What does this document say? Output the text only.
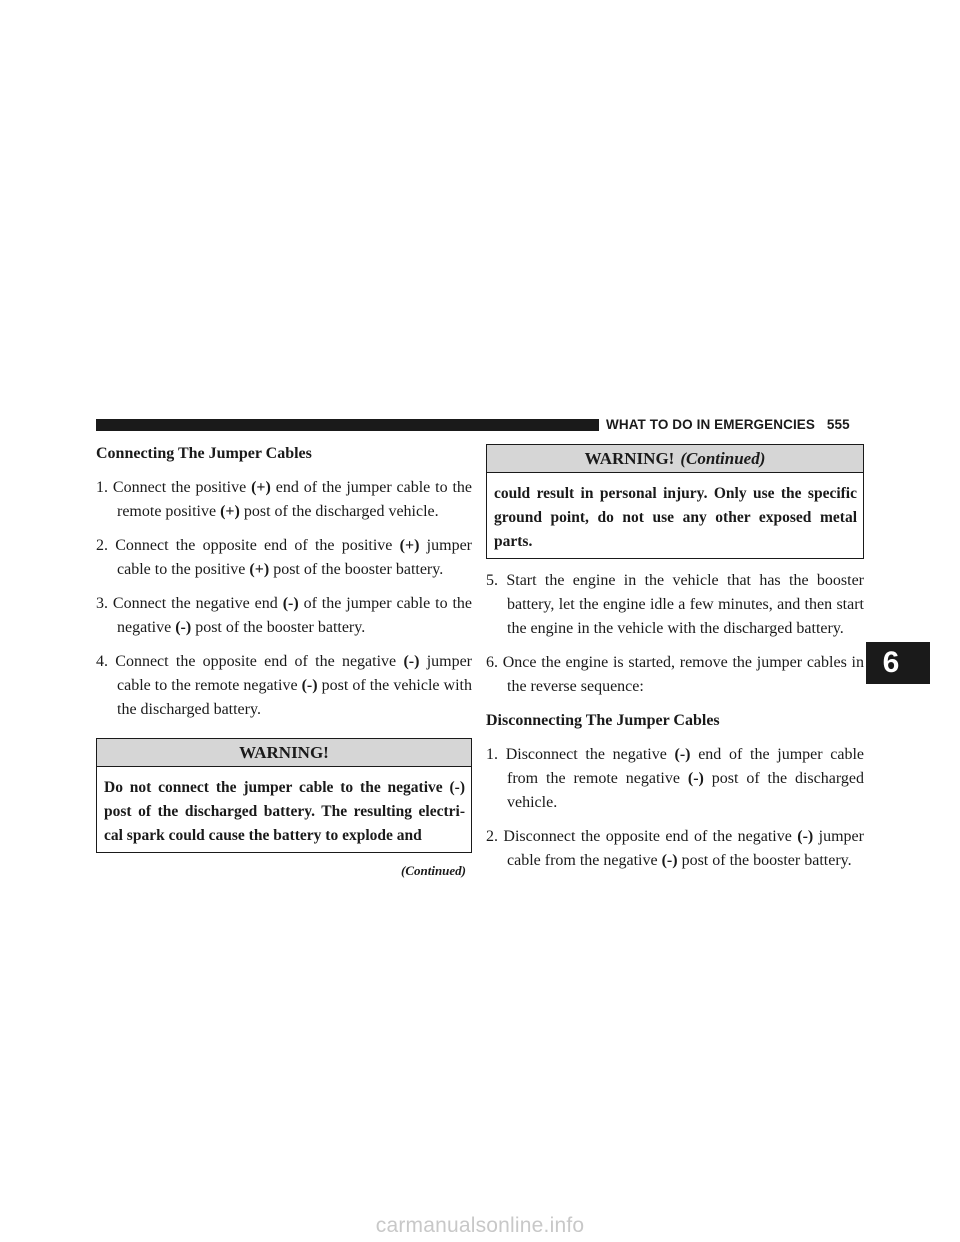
WHAT TO DO IN EMERGENCIES 555
Connecting The Jumper Cables
1. Connect the positive (+) end of the jumper cable to the remote positive (+) post of the discharged vehicle.
2. Connect the opposite end of the positive (+) jumper cable to the positive (+) post of the booster battery.
3. Connect the negative end (-) of the jumper cable to the negative (-) post of the booster battery.
4. Connect the opposite end of the negative (-) jumper cable to the remote negative (-) post of the vehicle with the discharged battery.
WARNING!
Do not connect the jumper cable to the negative (-) post of the discharged battery. The resulting electri-cal spark could cause the battery to explode and
(Continued)
WARNING! (Continued)
could result in personal injury. Only use the specific ground point, do not use any other exposed metal parts.
5. Start the engine in the vehicle that has the booster battery, let the engine idle a few minutes, and then start the engine in the vehicle with the discharged battery.
6. Once the engine is started, remove the jumper cables in the reverse sequence:
Disconnecting The Jumper Cables
1. Disconnect the negative (-) end of the jumper cable from the remote negative (-) post of the discharged vehicle.
2. Disconnect the opposite end of the negative (-) jumper cable from the negative (-) post of the booster battery.
6
carmanualsonline.info
